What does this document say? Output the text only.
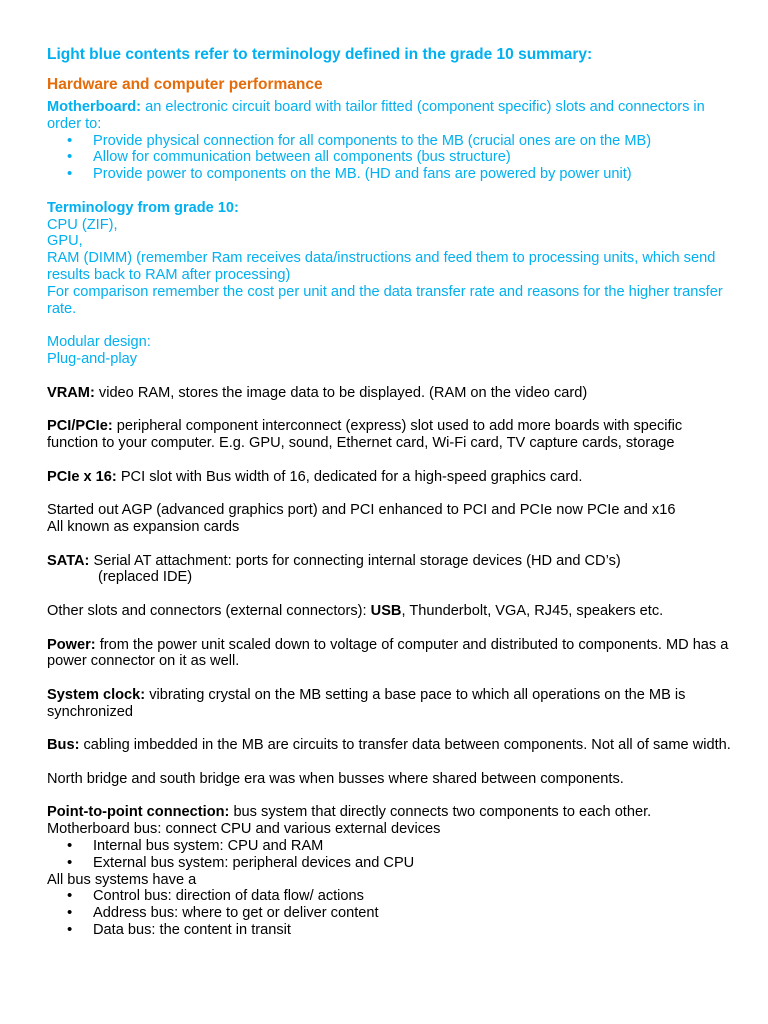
Light blue contents refer to terminology defined in the grade 10 summary:

Hardware and computer performance

Motherboard: an electronic circuit board with tailor fitted (component specific) slots and connectors in order to:

• Provide physical connection for all components to the MB (crucial ones are on the MB)
• Allow for communication between all components (bus structure)
• Provide power to components on the MB. (HD and fans are powered by power unit)

Terminology from grade 10:

CPU (ZIF),

GPU,

RAM (DIMM) (remember Ram receives data/instructions and feed them to processing units, which send results back to RAM after processing)

For comparison remember the cost per unit and the data transfer rate and reasons for the higher transfer rate.

Modular design:

Plug-and-play

VRAM: video RAM, stores the image data to be displayed. (RAM on the video card)

PCI/PCIe: peripheral component interconnect (express) slot used to add more boards with specific function to your computer. E.g. GPU, sound, Ethernet card, Wi-Fi card, TV capture cards, storage

PCIe x 16: PCI slot with Bus width of 16, dedicated for a high-speed graphics card.

Started out AGP (advanced graphics port) and PCI enhanced to PCI and PCIe now PCIe and x16

All known as expansion cards

SATA: Serial AT attachment: ports for connecting internal storage devices (HD and CD’s)

(replaced IDE)

Other slots and connectors (external connectors): USB, Thunderbolt, VGA, RJ45, speakers etc.

Power: from the power unit scaled down to voltage of computer and distributed to components. MD has a power connector on it as well.

System clock: vibrating crystal on the MB setting a base pace to which all operations on the MB is synchronized

Bus: cabling imbedded in the MB are circuits to transfer data between components. Not all of same width.

North bridge and south bridge era was when busses where shared between components.

Point-to-point connection: bus system that directly connects two components to each other.

Motherboard bus: connect CPU and various external devices

• Internal bus system: CPU and RAM
• External bus system: peripheral devices and CPU

All bus systems have a

• Control bus: direction of data flow/ actions
• Address bus: where to get or deliver content
• Data bus: the content in transit
